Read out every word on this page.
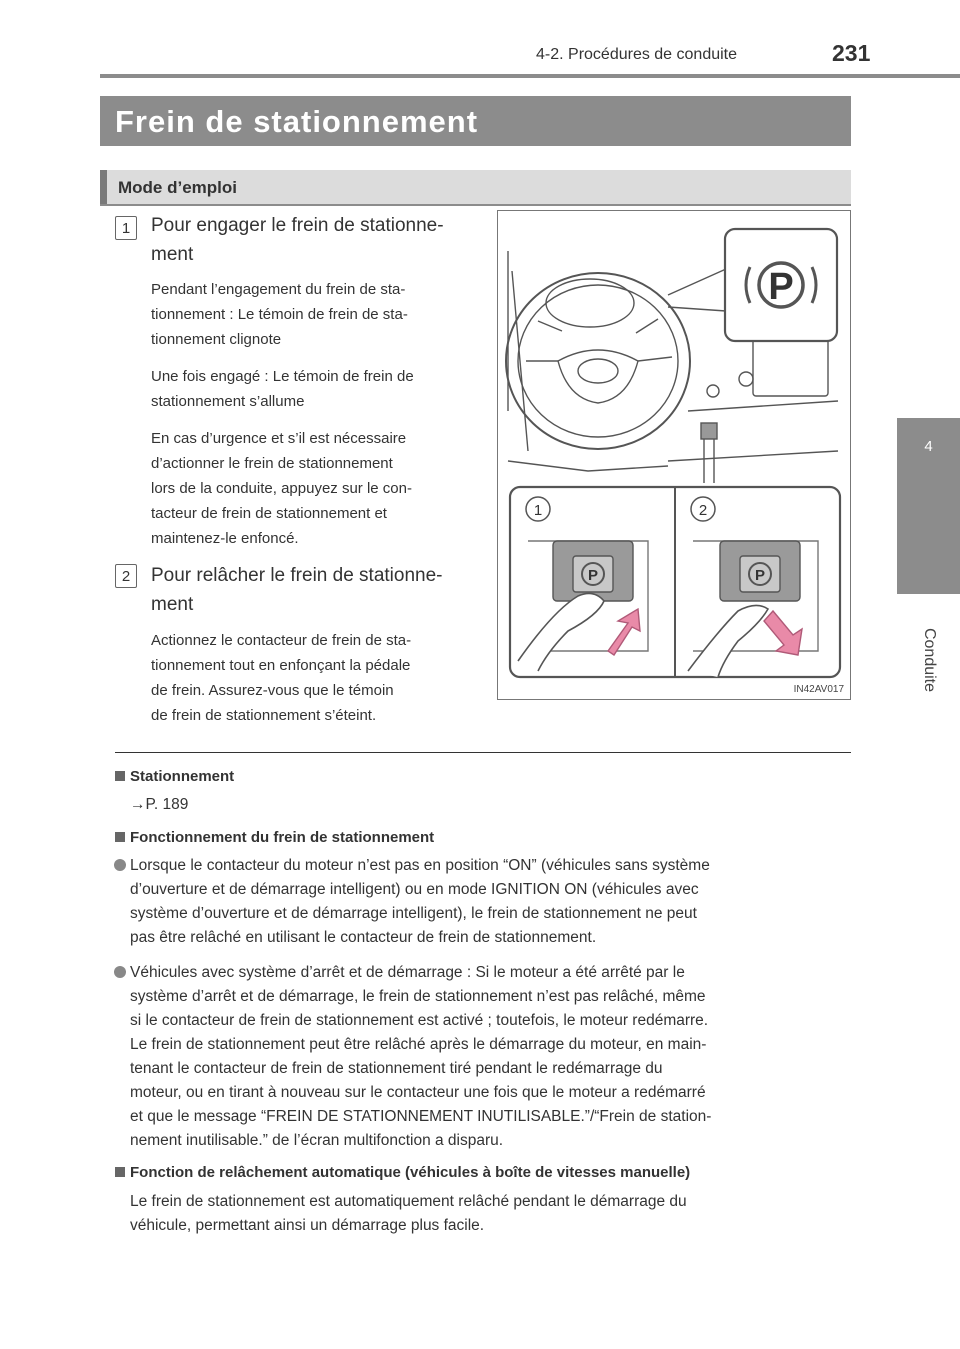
4-2. Procédures de conduite	231
4
Conduite
Frein de stationnement
Mode d’emploi
1	Pour engager le frein de stationne-
ment
Pendant l’engagement du frein de sta-
tionnement : Le témoin de frein de sta-
tionnement clignote
Une fois engagé : Le témoin de frein de
stationnement s’allume
En cas d’urgence et s’il est nécessaire
d’actionner le frein de stationnement
lors de la conduite, appuyez sur le con-
tacteur de frein de stationnement et
maintenez-le enfoncé.
2	Pour relâcher le frein de stationne-
ment
Actionnez le contacteur de frein de sta-
tionnement tout en enfonçant la pédale
de frein. Assurez-vous que le témoin
de frein de stationnement s’éteint.
P
P	P
1	2
IN42AV017
Stationnement
→P. 189
Fonctionnement du frein de stationnement
Lorsque le contacteur du moteur n’est pas en position “ON” (véhicules sans système
d’ouverture et de démarrage intelligent) ou en mode IGNITION ON (véhicules avec
système d’ouverture et de démarrage intelligent), le frein de stationnement ne peut
pas être relâché en utilisant le contacteur de frein de stationnement.
Véhicules avec système d’arrêt et de démarrage : Si le moteur a été arrêté par le
système d’arrêt et de démarrage, le frein de stationnement n’est pas relâché, même
si le contacteur de frein de stationnement est activé ; toutefois, le moteur redémarre.
Le frein de stationnement peut être relâché après le démarrage du moteur, en main-
tenant le contacteur de frein de stationnement tiré pendant le redémarrage du
moteur, ou en tirant à nouveau sur le contacteur une fois que le moteur a redémarré
et que le message “FREIN DE STATIONNEMENT INUTILISABLE.”/“Frein de station-
nement inutilisable.” de l’écran multifonction a disparu.
Fonction de relâchement automatique (véhicules à boîte de vitesses manuelle)
Le frein de stationnement est automatiquement relâché pendant le démarrage du
véhicule, permettant ainsi un démarrage plus facile.
